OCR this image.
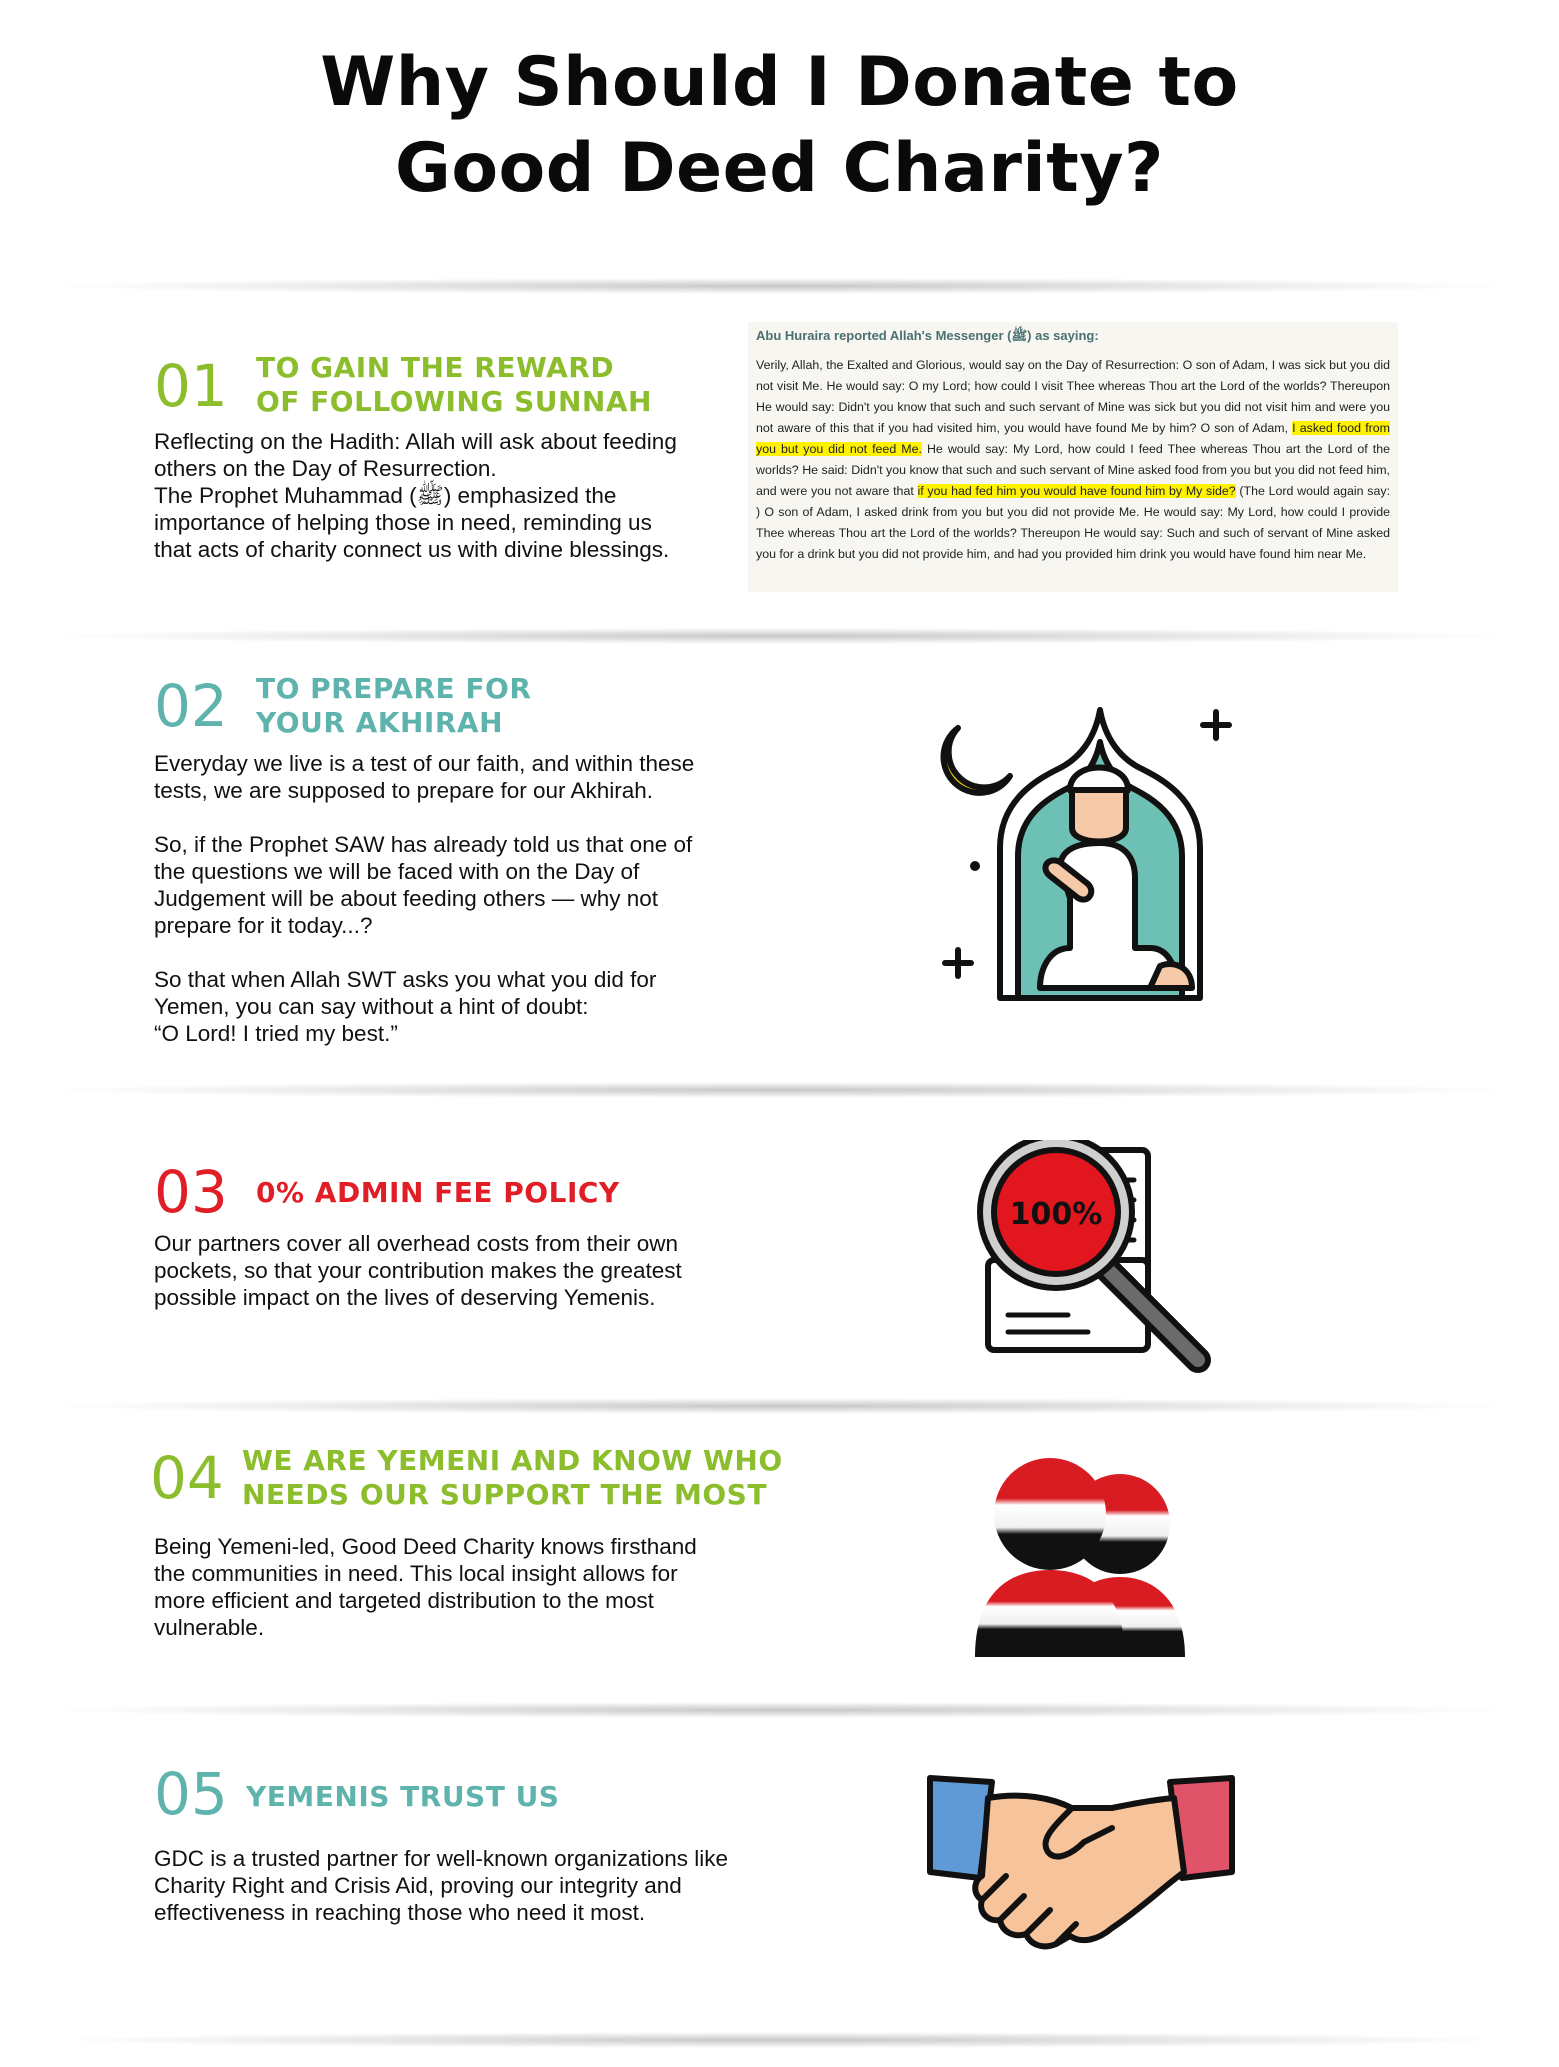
Why Should I Donate to
Good Deed Charity?
01 TO GAIN THE REWARD
OF FOLLOWING SUNNAH

Reflecting on the Hadith: Allah will ask about feeding others on the Day of Resurrection.

The Prophet Muhammad (ﷺ) emphasized the importance of helping those in need, reminding us that acts of charity connect us with divine blessings.

Abu Huraira reported Allah's Messenger (ﷺ) as saying:

Verily, Allah, the Exalted and Glorious, would say on the Day of Resurrection: O son of Adam, I was sick but you did not visit Me. He would say: O my Lord; how could I visit Thee whereas Thou art the Lord of the worlds? Thereupon He would say: Didn't you know that such and such servant of Mine was sick but you did not visit him and were you not aware of this that if you had visited him, you would have found Me by him? O son of Adam, I asked food from you but you did not feed Me. He would say: My Lord, how could I feed Thee whereas Thou art the Lord of the worlds? He said: Didn't you know that such and such servant of Mine asked food from you but you did not feed him, and were you not aware that if you had fed him you would have found him by My side? (The Lord would again say: ) O son of Adam, I asked drink from you but you did not provide Me. He would say: My Lord, how could I provide Thee whereas Thou art the Lord of the worlds? Thereupon He would say: Such and such of servant of Mine asked you for a drink but you did not provide him, and had you provided him drink you would have found him near Me.

02 TO PREPARE FOR
YOUR AKHIRAH

Everyday we live is a test of our faith, and within these tests, we are supposed to prepare for our Akhirah.

So, if the Prophet SAW has already told us that one of the questions we will be faced with on the Day of Judgement will be about feeding others — why not prepare for it today...?

So that when Allah SWT asks you what you did for Yemen, you can say without a hint of doubt:

“O Lord! I tried my best.”

03 0% ADMIN FEE POLICY

Our partners cover all overhead costs from their own pockets, so that your contribution makes the greatest possible impact on the lives of deserving Yemenis.

100%
04 WE ARE YEMENI AND KNOW WHO
NEEDS OUR SUPPORT THE MOST

Being Yemeni-led, Good Deed Charity knows firsthand the communities in need. This local insight allows for more efficient and targeted distribution to the most vulnerable.

05 YEMENIS TRUST US

GDC is a trusted partner for well-known organizations like Charity Right and Crisis Aid, proving our integrity and effectiveness in reaching those who need it most.
